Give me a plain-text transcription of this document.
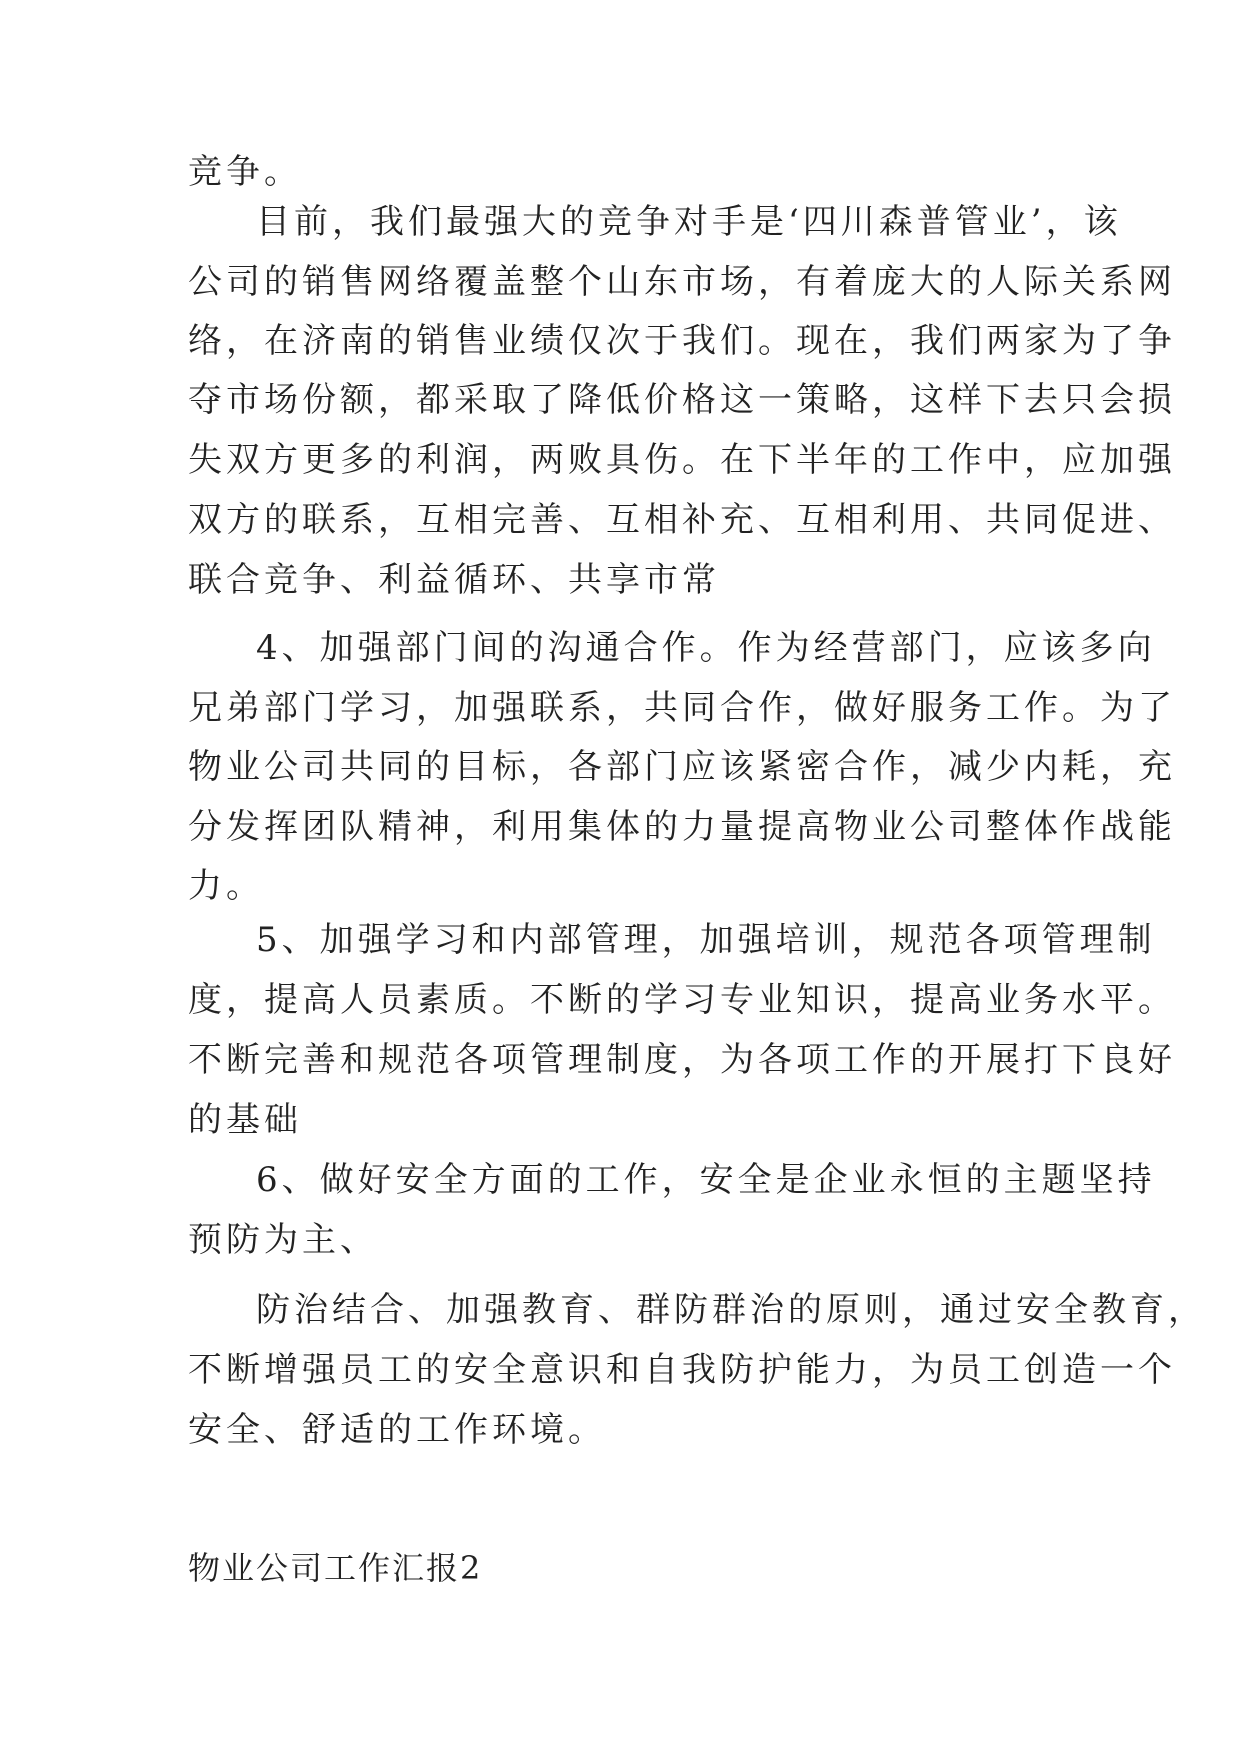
竞争。

目前，我们最强大的竞争对手是‘四川森普管业’，该

公司的销售网络覆盖整个山东市场，有着庞大的人际关系网

络，在济南的销售业绩仅次于我们。现在，我们两家为了争

夺市场份额，都采取了降低价格这一策略，这样下去只会损

失双方更多的利润，两败具伤。在下半年的工作中，应加强

双方的联系，互相完善、互相补充、互相利用、共同促进、

联合竞争、利益循环、共享市常

4、加强部门间的沟通合作。作为经营部门，应该多向

兄弟部门学习，加强联系，共同合作，做好服务工作。为了

物业公司共同的目标，各部门应该紧密合作，减少内耗，充

分发挥团队精神，利用集体的力量提高物业公司整体作战能

力。

5、加强学习和内部管理，加强培训，规范各项管理制

度，提高人员素质。不断的学习专业知识，提高业务水平。

不断完善和规范各项管理制度，为各项工作的开展打下良好

的基础

6、做好安全方面的工作，安全是企业永恒的主题坚持

预防为主、

防治结合、加强教育、群防群治的原则，通过安全教育，

不断增强员工的安全意识和自我防护能力，为员工创造一个

安全、舒适的工作环境。

物业公司工作汇报2
